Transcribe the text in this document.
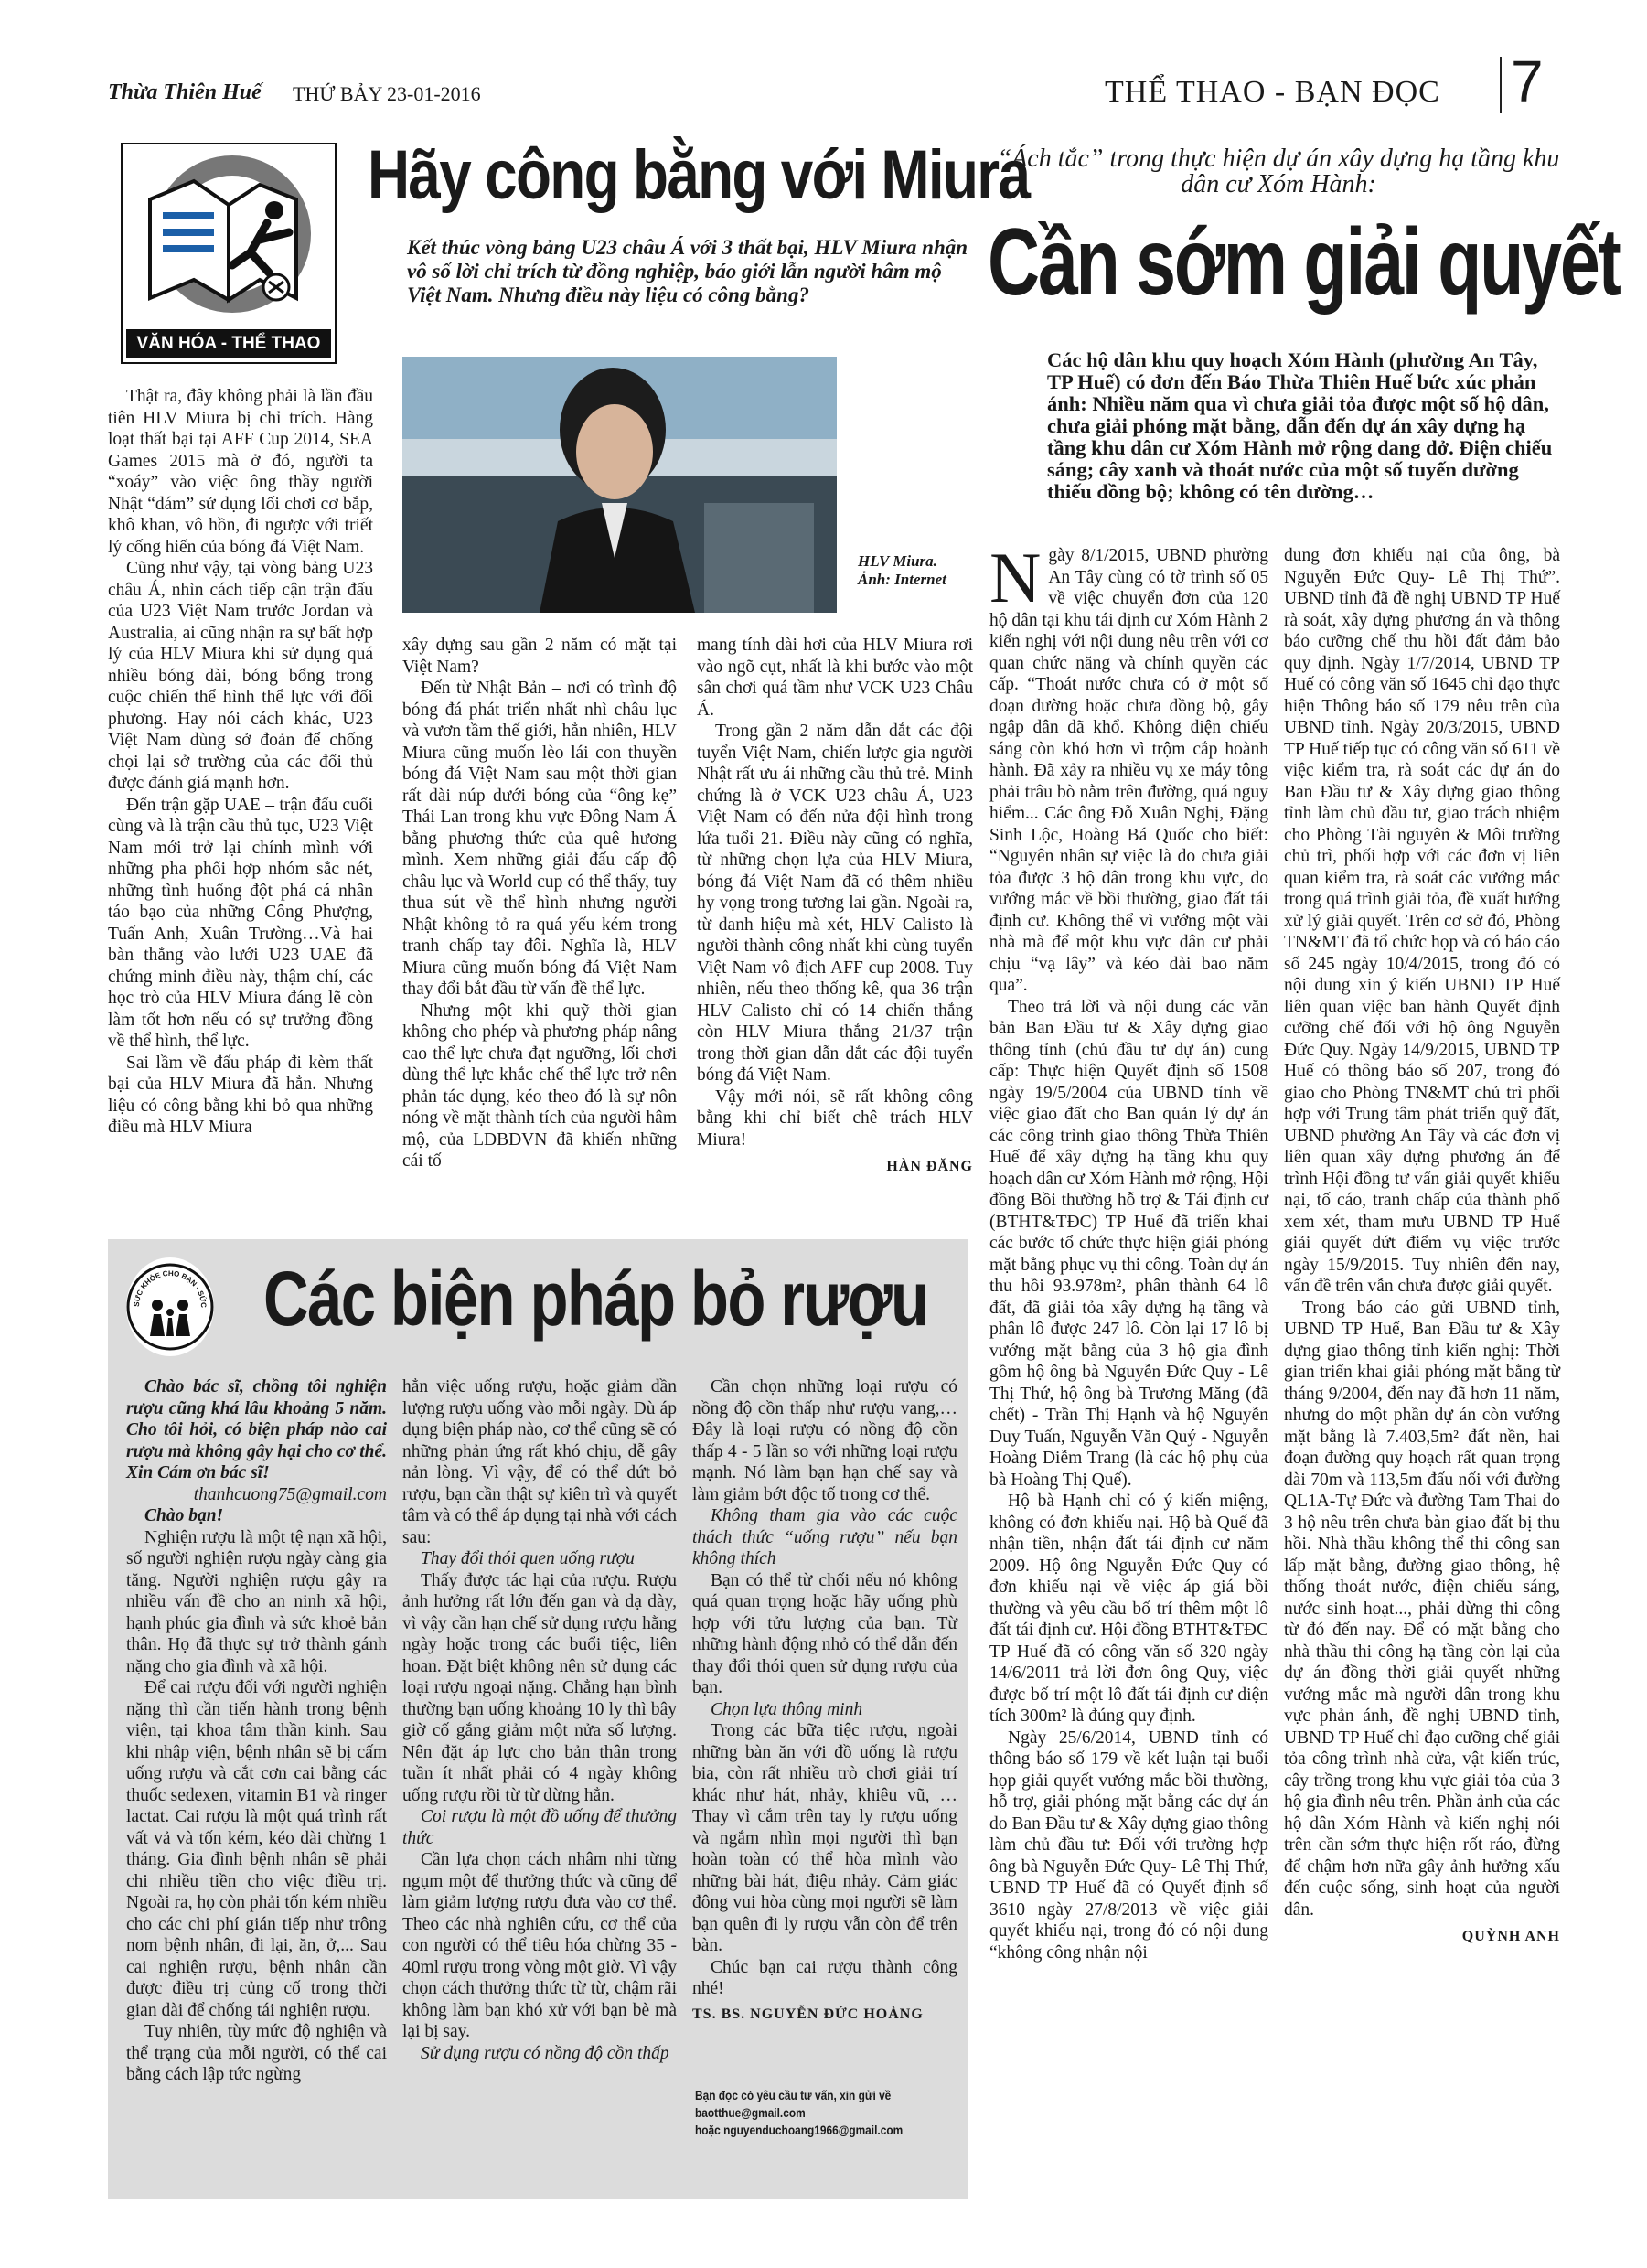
Thừa Thiên Huế THỨ BẢY 23-01-2016	THỂ THAO - BẠN ĐỌC 7
VĂN HÓA - THỂ THAO
Hãy công bằng với Miura
Kết thúc vòng bảng U23 châu Á với 3 thất bại, HLV Miura nhận vô số lời chỉ trích từ đồng nghiệp, báo giới lẫn người hâm mộ Việt Nam. Nhưng điều này liệu có công bằng?
HLV Miura.
Ảnh: Internet

Thật ra, đây không phải là lần đầu tiên HLV Miura bị chỉ trích. Hàng loạt thất bại tại AFF Cup 2014, SEA Games 2015 mà ở đó, người ta “xoáy” vào việc ông thầy người Nhật “dám” sử dụng lối chơi cơ bắp, khô khan, vô hồn, đi ngược với triết lý cống hiến của bóng đá Việt Nam.

Cũng như vậy, tại vòng bảng U23 châu Á, nhìn cách tiếp cận trận đấu của U23 Việt Nam trước Jordan và Australia, ai cũng nhận ra sự bất hợp lý của HLV Miura khi sử dụng quá nhiều bóng dài, bóng bổng trong cuộc chiến thể hình thể lực với đối phương. Hay nói cách khác, U23 Việt Nam dùng sở đoản để chống chọi lại sở trường của các đối thủ được đánh giá mạnh hơn.

Đến trận gặp UAE – trận đấu cuối cùng và là trận cầu thủ tục, U23 Việt Nam mới trở lại chính mình với những pha phối hợp nhóm sắc nét, những tình huống đột phá cá nhân táo bạo của những Công Phượng, Tuấn Anh, Xuân Trường…Và hai bàn thắng vào lưới U23 UAE đã chứng minh điều này, thậm chí, các học trò của HLV Miura đáng lẽ còn làm tốt hơn nếu có sự trưởng đồng về thể hình, thể lực.

Sai lầm về đấu pháp đi kèm thất bại của HLV Miura đã hẳn. Nhưng liệu có công bằng khi bỏ qua những điều mà HLV Miura

xây dựng sau gần 2 năm có mặt tại Việt Nam?

Đến từ Nhật Bản – nơi có trình độ bóng đá phát triển nhất nhì châu lục và vươn tầm thế giới, hẳn nhiên, HLV Miura cũng muốn lèo lái con thuyền bóng đá Việt Nam sau một thời gian rất dài núp dưới bóng của “ông kẹ” Thái Lan trong khu vực Đông Nam Á bằng phương thức của quê hương mình. Xem những giải đấu cấp độ châu lục và World cup có thể thấy, tuy thua sút về thể hình nhưng người Nhật không tỏ ra quá yếu kém trong tranh chấp tay đôi. Nghĩa là, HLV Miura cũng muốn bóng đá Việt Nam thay đổi bắt đầu từ vấn đề thể lực.

Nhưng một khi quỹ thời gian không cho phép và phương pháp nâng cao thể lực chưa đạt ngưỡng, lối chơi dùng thể lực khắc chế thể lực trở nên phản tác dụng, kéo theo đó là sự nôn nóng về mặt thành tích của người hâm mộ, của LĐBĐVN đã khiến những cái tố

mang tính dài hơi của HLV Miura rơi vào ngõ cụt, nhất là khi bước vào một sân chơi quá tầm như VCK U23 Châu Á.

Trong gần 2 năm dẫn dắt các đội tuyển Việt Nam, chiến lược gia người Nhật rất ưu ái những cầu thủ trẻ. Minh chứng là ở VCK U23 châu Á, U23 Việt Nam có đến nửa đội hình trong lứa tuổi 21. Điều này cũng có nghĩa, từ những chọn lựa của HLV Miura, bóng đá Việt Nam đã có thêm nhiều hy vọng trong tương lai gần. Ngoài ra, từ danh hiệu mà xét, HLV Calisto là người thành công nhất khi cùng tuyển Việt Nam vô địch AFF cup 2008. Tuy nhiên, nếu theo thống kê, qua 36 trận HLV Calisto chỉ có 14 chiến thắng còn HLV Miura thắng 21/37 trận trong thời gian dẫn dắt các đội tuyển bóng đá Việt Nam.

Vậy mới nói, sẽ rất không công bằng khi chỉ biết chê trách HLV Miura!

HÀN ĐĂNG
“Ách tắc” trong thực hiện dự án xây dựng hạ tầng khu dân cư Xóm Hành:
Cần sớm giải quyết
Các hộ dân khu quy hoạch Xóm Hành (phường An Tây, TP Huế) có đơn đến Báo Thừa Thiên Huế bức xúc phản ánh: Nhiều năm qua vì chưa giải tỏa được một số hộ dân, chưa giải phóng mặt bằng, dẫn đến dự án xây dựng hạ tầng khu dân cư Xóm Hành mở rộng dang dở. Điện chiếu sáng; cây xanh và thoát nước của một số tuyến đường thiếu đồng bộ; không có tên đường…

Ngày 8/1/2015, UBND phường An Tây cùng có tờ trình số 05 về việc chuyển đơn của 120 hộ dân tại khu tái định cư Xóm Hành 2 kiến nghị với nội dung nêu trên với cơ quan chức năng và chính quyền các cấp. “Thoát nước chưa có ở một số đoạn đường hoặc chưa đồng bộ, gây ngập dân đã khổ. Không điện chiếu sáng còn khó hơn vì trộm cắp hoành hành. Đã xảy ra nhiều vụ xe máy tông phải trâu bò nằm trên đường, quá nguy hiểm... Các ông Đỗ Xuân Nghị, Đặng Sinh Lộc, Hoàng Bá Quốc cho biết: “Nguyên nhân sự việc là do chưa giải tỏa được 3 hộ dân trong khu vực, do vướng mắc về bồi thường, giao đất tái định cư. Không thể vì vướng một vài nhà mà để một khu vực dân cư phải chịu “vạ lây” và kéo dài bao năm qua”.

Theo trả lời và nội dung các văn bản Ban Đầu tư & Xây dựng giao thông tỉnh (chủ đầu tư dự án) cung cấp: Thực hiện Quyết định số 1508 ngày 19/5/2004 của UBND tỉnh về việc giao đất cho Ban quản lý dự án các công trình giao thông Thừa Thiên Huế để xây dựng hạ tầng khu quy hoạch dân cư Xóm Hành mở rộng, Hội đồng Bồi thường hỗ trợ & Tái định cư (BTHT&TĐC) TP Huế đã triển khai các bước tổ chức thực hiện giải phóng mặt bằng phục vụ thi công. Toàn dự án thu hồi 93.978m², phân thành 64 lô đất, đã giải tỏa xây dựng hạ tầng và phân lô được 247 lô. Còn lại 17 lô bị vướng mặt bằng của 3 hộ gia đình gồm hộ ông bà Nguyễn Đức Quy - Lê Thị Thứ, hộ ông bà Trương Măng (đã chết) - Trần Thị Hạnh và hộ Nguyễn Duy Tuấn, Nguyễn Văn Quý - Nguyễn Hoàng Diễm Trang (là các hộ phụ của bà Hoàng Thị Quế).

Hộ bà Hạnh chỉ có ý kiến miệng, không có đơn khiếu nại. Hộ bà Quế đã nhận tiền, nhận đất tái định cư năm 2009. Hộ ông Nguyễn Đức Quy có đơn khiếu nại về việc áp giá bồi thường và yêu cầu bố trí thêm một lô đất tái định cư. Hội đồng BTHT&TĐC TP Huế đã có công văn số 320 ngày 14/6/2011 trả lời đơn ông Quy, việc được bố trí một lô đất tái định cư diện tích 300m² là đúng quy định.

Ngày 25/6/2014, UBND tỉnh có thông báo số 179 về kết luận tại buổi họp giải quyết vướng mắc bồi thường, hỗ trợ, giải phóng mặt bằng các dự án do Ban Đầu tư & Xây dựng giao thông làm chủ đầu tư: Đối với trường hợp ông bà Nguyễn Đức Quy- Lê Thị Thứ, UBND TP Huế đã có Quyết định số 3610 ngày 27/8/2013 về việc giải quyết khiếu nại, trong đó có nội dung “không công nhận nội

dung đơn khiếu nại của ông, bà Nguyễn Đức Quy- Lê Thị Thứ”. UBND tỉnh đã đề nghị UBND TP Huế rà soát, xây dựng phương án và thông báo cưỡng chế thu hồi đất đảm bảo quy định. Ngày 1/7/2014, UBND TP Huế có công văn số 1645 chỉ đạo thực hiện Thông báo số 179 nêu trên của UBND tỉnh. Ngày 20/3/2015, UBND TP Huế tiếp tục có công văn số 611 về việc kiểm tra, rà soát các dự án do Ban Đầu tư & Xây dựng giao thông tỉnh làm chủ đầu tư, giao trách nhiệm cho Phòng Tài nguyên & Môi trường chủ trì, phối hợp với các đơn vị liên quan kiểm tra, rà soát các vướng mắc trong quá trình giải tỏa, đề xuất hướng xử lý giải quyết. Trên cơ sở đó, Phòng TN&MT đã tổ chức họp và có báo cáo số 245 ngày 10/4/2015, trong đó có nội dung xin ý kiến UBND TP Huế liên quan việc ban hành Quyết định cưỡng chế đối với hộ ông Nguyễn Đức Quy. Ngày 14/9/2015, UBND TP Huế có thông báo số 207, trong đó giao cho Phòng TN&MT chủ trì phối hợp với Trung tâm phát triển quỹ đất, UBND phường An Tây và các đơn vị liên quan xây dựng phương án để trình Hội đồng tư vấn giải quyết khiếu nại, tố cáo, tranh chấp của thành phố xem xét, tham mưu UBND TP Huế giải quyết dứt điểm vụ việc trước ngày 15/9/2015. Tuy nhiên đến nay, vấn đề trên vẫn chưa được giải quyết.

Trong báo cáo gửi UBND tỉnh, UBND TP Huế, Ban Đầu tư & Xây dựng giao thông tỉnh kiến nghị: Thời gian triển khai giải phóng mặt bằng từ tháng 9/2004, đến nay đã hơn 11 năm, nhưng do một phần dự án còn vướng mặt bằng là 7.403,5m² đất nền, hai đoạn đường quy hoạch rất quan trọng dài 70m và 113,5m đấu nối với đường QL1A-Tự Đức và đường Tam Thai do 3 hộ nêu trên chưa bàn giao đất bị thu hồi. Nhà thầu không thể thi công san lấp mặt bằng, đường giao thông, hệ thống thoát nước, điện chiếu sáng, nước sinh hoạt..., phải dừng thi công từ đó đến nay. Để có mặt bằng cho nhà thầu thi công hạ tầng còn lại của dự án đồng thời giải quyết những vướng mắc mà người dân trong khu vực phản ánh, đề nghị UBND tỉnh, UBND TP Huế chỉ đạo cưỡng chế giải tỏa công trình nhà cửa, vật kiến trúc, cây trồng trong khu vực giải tỏa của 3 hộ gia đình nêu trên. Phần ảnh của các hộ dân Xóm Hành và kiến nghị nói trên cần sớm thực hiện rốt ráo, đừng để chậm hơn nữa gây ảnh hưởng xấu đến cuộc sống, sinh hoạt của người dân.

QUỲNH ANH
SỨC KHỎE CHO BẠN - SỨC Các biện pháp bỏ rượu

Chào bác sĩ, chồng tôi nghiện rượu cũng khá lâu khoảng 5 năm. Cho tôi hỏi, có biện pháp nào cai rượu mà không gây hại cho cơ thể. Xin Cám ơn bác sĩ!

thanhcuong75@gmail.com

Chào bạn!

Nghiện rượu là một tệ nạn xã hội, số người nghiện rượu ngày càng gia tăng. Người nghiện rượu gây ra nhiều vấn đề cho an ninh xã hội, hạnh phúc gia đình và sức khoẻ bản thân. Họ đã thực sự trở thành gánh nặng cho gia đình và xã hội.

Để cai rượu đối với người nghiện nặng thì cần tiến hành trong bệnh viện, tại khoa tâm thần kinh. Sau khi nhập viện, bệnh nhân sẽ bị cấm uống rượu và cắt cơn cai bằng các thuốc sedexen, vitamin B1 và ringer lactat. Cai rượu là một quá trình rất vất vả và tốn kém, kéo dài chừng 1 tháng. Gia đình bệnh nhân sẽ phải chi nhiều tiền cho việc điều trị. Ngoài ra, họ còn phải tốn kém nhiều cho các chi phí gián tiếp như trông nom bệnh nhân, đi lại, ăn, ở,... Sau cai nghiện rượu, bệnh nhân cần được điều trị củng cố trong thời gian dài để chống tái nghiện rượu.

Tuy nhiên, tùy mức độ nghiện và thể trạng của mỗi người, có thể cai bằng cách lập tức ngừng

hẳn việc uống rượu, hoặc giảm dần lượng rượu uống vào mỗi ngày. Dù áp dụng biện pháp nào, cơ thể cũng sẽ có những phản ứng rất khó chịu, dễ gây nản lòng. Vì vậy, để có thể dứt bỏ rượu, bạn cần thật sự kiên trì và quyết tâm và có thể áp dụng tại nhà với cách sau:

Thay đổi thói quen uống rượu

Thấy được tác hại của rượu. Rượu ảnh hưởng rất lớn đến gan và dạ dày, vì vậy cần hạn chế sử dụng rượu hằng ngày hoặc trong các buổi tiệc, liên hoan. Đặt biệt không nên sử dụng các loại rượu ngoại nặng. Chẳng hạn bình thường bạn uống khoảng 10 ly thì bây giờ cố gắng giảm một nửa số lượng. Nên đặt áp lực cho bản thân trong tuần ít nhất phải có 4 ngày không uống rượu rồi từ từ dừng hẳn.

Coi rượu là một đồ uống để thưởng thức

Cần lựa chọn cách nhâm nhi từng ngụm một để thưởng thức và cũng để làm giảm lượng rượu đưa vào cơ thể. Theo các nhà nghiên cứu, cơ thể của con người có thể tiêu hóa chừng 35 - 40ml rượu trong vòng một giờ. Vì vậy chọn cách thưởng thức từ từ, chậm rãi không làm bạn khó xử với bạn bè mà lại bị say.

Sử dụng rượu có nồng độ cồn thấp

Cần chọn những loại rượu có nồng độ cồn thấp như rượu vang,… Đây là loại rượu có nồng độ cồn thấp 4 - 5 lần so với những loại rượu mạnh. Nó làm bạn hạn chế say và làm giảm bớt độc tố trong cơ thể.

Không tham gia vào các cuộc thách thức “uống rượu” nếu bạn không thích

Bạn có thể từ chối nếu nó không quá quan trọng hoặc hãy uống phù hợp với tửu lượng của bạn. Từ những hành động nhỏ có thể dẫn đến thay đổi thói quen sử dụng rượu của bạn.

Chọn lựa thông minh

Trong các bữa tiệc rượu, ngoài những bàn ăn với đồ uống là rượu bia, còn rất nhiều trò chơi giải trí khác như hát, nhảy, khiêu vũ, … Thay vì cắm trên tay ly rượu uống và ngắm nhìn mọi người thì bạn hoàn toàn có thể hòa mình vào những bài hát, điệu nhảy. Cảm giác đông vui hòa cùng mọi người sẽ làm bạn quên đi ly rượu vẫn còn để trên bàn.

Chúc bạn cai rượu thành công nhé!

TS. BS. NGUYỄN ĐỨC HOÀNG
Bạn đọc có yêu cầu tư vấn, xin gửi về
baotthue@gmail.com
hoặc nguyenduchoang1966@gmail.com
